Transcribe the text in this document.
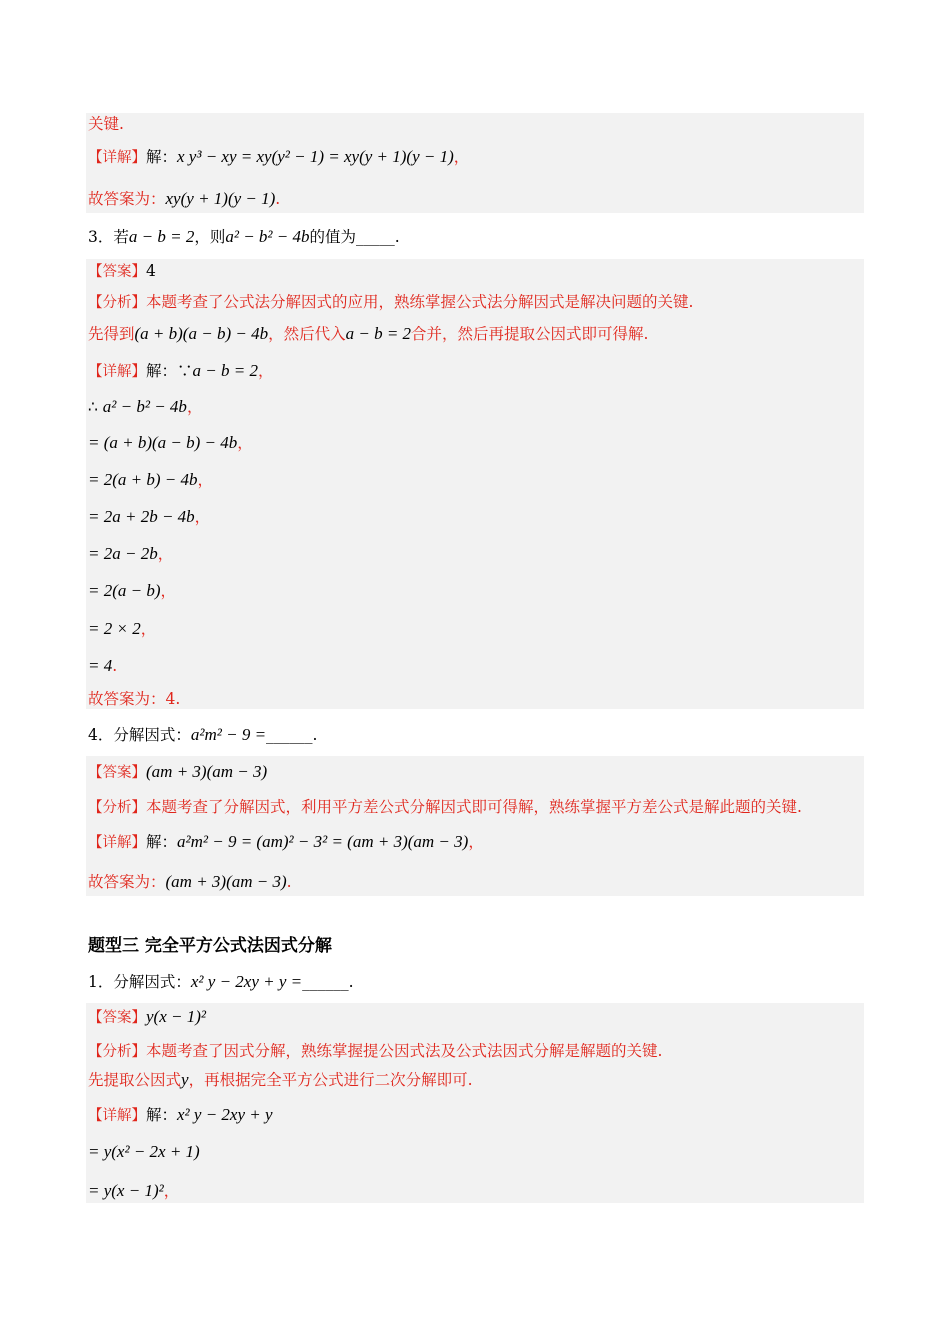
题型三 完全平方公式法因式分解
关键.
【详解】解：x y³ − xy = xy(y² − 1) = xy(y + 1)(y − 1)，
故答案为：xy(y + 1)(y − 1).
3．若a − b = 2，则a² − b² − 4b的值为_____.
【答案】4
【分析】本题考查了公式法分解因式的应用，熟练掌握公式法分解因式是解决问题的关键.
先得到(a + b)(a − b) − 4b，然后代入a − b = 2合并，然后再提取公因式即可得解.
【详解】解：∵a − b = 2，
∴ a² − b² − 4b，
= (a + b)(a − b) − 4b，
= 2(a + b) − 4b，
= 2a + 2b − 4b，
= 2a − 2b，
= 2(a − b)，
= 2 × 2，
= 4.
故答案为：4.
4．分解因式：a²m² − 9 =______.
【答案】(am + 3)(am − 3)
【分析】本题考查了分解因式，利用平方差公式分解因式即可得解，熟练掌握平方差公式是解此题的关键.
【详解】解：a²m² − 9 = (am)² − 3² = (am + 3)(am − 3)，
故答案为：(am + 3)(am − 3).
1．分解因式：x² y − 2xy + y =______.
【答案】y(x − 1)²
【分析】本题考查了因式分解，熟练掌握提公因式法及公式法因式分解是解题的关键.
先提取公因式y，再根据完全平方公式进行二次分解即可.
【详解】解：x² y − 2xy + y
= y(x² − 2x + 1)
= y(x − 1)²，
